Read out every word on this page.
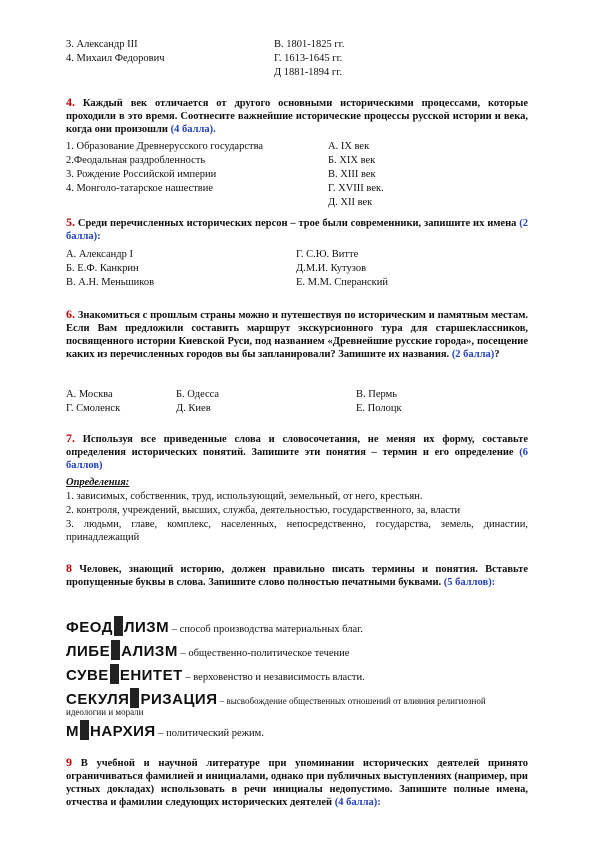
3. Александр III
4. Михаил Федорович
В. 1801-1825 гг.
Г. 1613-1645 гг.
Д 1881-1894 гг.
4. Каждый век отличается от другого основными историческими процессами, которые проходили в это время. Соотнесите важнейшие исторические процессы русской истории и века, когда они произошли (4 балла).
1. Образование Древнерусского государства
2.Феодальная раздробленность
3. Рождение Российской империи
4. Монголо-татарское нашествие
А. IX век
Б. XIX век
В. XIII век
Г. XVIII век.
Д. XII век
5. Среди перечисленных исторических персон – трое были современники, запишите их имена (2 балла):
А. Александр I
Б. Е.Ф. Канкрин
В. А.Н. Меньшиков
Г. С.Ю. Витте
Д.М.И. Кутузов
Е. М.М. Сперанский
6. Знакомиться с прошлым страны можно и путешествуя по историческим и памятным местам. Если Вам предложили составить маршрут экскурсионного тура для старшеклассников, посвященного истории Киевской Руси, под названием «Древнейшие русские города», посещение каких из перечисленных городов вы бы запланировали? Запишите их названия. (2 балла)?
А. Москва
Г. Смоленск
Б. Одесса
Д. Киев
В. Пермь
Е. Полоцк
7. Используя все приведенные слова и словосочетания, не меняя их форму, составьте определения исторических понятий. Запишите эти понятия – термин и его определение (6 баллов)
Определения:
1. зависимых, собственник, труд, использующий, земельный, от него, крестьян.
2. контроля, учреждений, высших, служба, деятельностью, государственного, за, власти
3. людьми, главе, комплекс, населенных, непосредственно, государства, земель, династии, принадлежащий
8 Человек, знающий историю, должен правильно писать термины и понятия. Вставьте пропущенные буквы в слова. Запишите слово полностью печатными буквами. (5 баллов):
ФЕОД ЛИЗМ – способ производства материальных благ.
ЛИБЕ АЛИЗМ – общественно-политическое течение
СУВЕ ЕНИТЕТ – верховенство и независимость власти.
СЕКУЛЯ РИЗАЦИЯ – высвобождение общественных отношений от влияния религиозной
идеологии и морали
М НАРХИЯ – политический режим.
9 В учебной и научной литературе при упоминании исторических деятелей принято ограничиваться фамилией и инициалами, однако при публичных выступлениях (например, при устных докладах) использовать в речи инициалы недопустимо. Запишите полные имена, отчества и фамилии следующих исторических деятелей (4 балла):
